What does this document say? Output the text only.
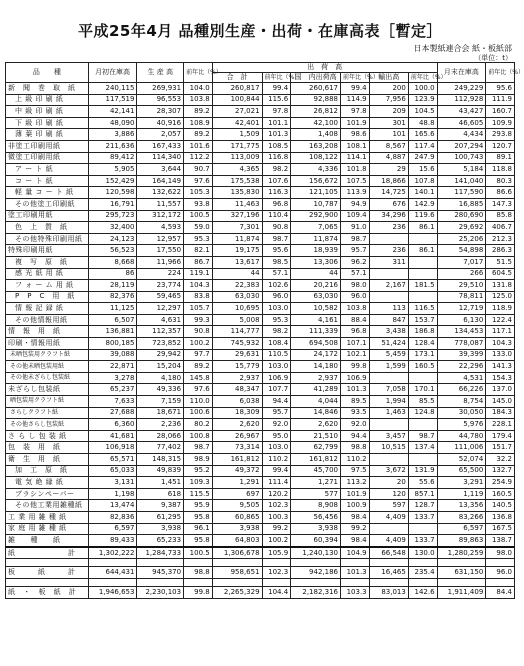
平成25年4月 品種別生産・出荷・在庫高表［暫定］
日本製紙連合会 紙・板紙部
（単位：t）
品　　種	月初在庫高	生 産 高	前年比（%）	出　荷　高						月末在庫高	前年比（%）
				合　計	前年比（%）	国　内出荷高	前年比（%）	輸出高	前年比（%）		
新　聞　巻　取　紙	240,115	269,931	104.0	260,817	99.4	260,617	99.4	200	100.0	249,229	95.6
上 級 印 刷 紙	117,519	96,553	103.8	100,844	115.6	92,888	114.9	7,956	123.9	112,928	111.9
中 級 印 刷 紙	42,141	28,307	89.2	27,021	97.8	26,812	97.8	209	104.5	43,427	160.7
下 級 印 刷 紙	48,090	40,916	108.9	42,401	101.1	42,100	101.9	301	48.8	46,605	109.9
薄 葉 印 刷 紙	3,886	2,057	89.2	1,509	101.3	1,408	98.6	101	165.6	4,434	293.8
非塗工印刷用紙	211,636	167,433	101.6	171,775	108.5	163,208	108.1	8,567	117.4	207,294	120.7
微塗工印刷用紙	89,412	114,340	112.2	113,009	116.8	108,122	114.1	4,887	247.9	100,743	89.1
ア ー ト 紙	5,905	3,644	90.7	4,365	98.2	4,336	101.8	29	15.6	5,184	118.8
コ ー ト 紙	152,429	164,149	97.6	175,538	107.6	156,672	107.5	18,866	107.8	141,040	80.3
軽 量 コ ー ト 紙	120,598	132,622	105.3	135,830	116.3	121,105	113.9	14,725	140.1	117,590	86.6
その他塗工印刷紙	16,791	11,557	93.8	11,463	96.8	10,787	94.9	676	142.9	16,885	147.3
塗工印刷用紙	295,723	312,172	100.5	327,196	110.4	292,900	109.4	34,296	119.6	280,690	85.8
色　上　質　紙	32,400	4,593	59.0	7,301	90.8	7,065	91.0	236	86.1	29,692	406.7
その他特殊印刷用紙	24,123	12,957	95.3	11,874	98.7	11,874	98.7			25,206	212.3
特殊印刷用紙	56,523	17,550	82.1	19,175	95.6	18,939	95.7	236	86.1	54,898	286.3
複　写　原　紙	8,668	11,966	86.7	13,617	98.5	13,306	96.2	311		7,017	51.5
感 光 紙 用 紙	86	224	119.1	44	57.1	44	57.1			266	604.5
フ ォ ー ム 用 紙	28,119	23,774	104.3	22,383	102.6	20,216	98.0	2,167	181.5	29,510	131.8
P　P　C　用　紙	82,376	59,465	83.8	63,030	96.0	63,030	96.0			78,811	125.0
情 報 記 録 紙	11,125	12,297	105.7	10,695	103.0	10,582	103.8	113	116.5	12,719	118.9
その他情報用紙	6,507	4,631	99.3	5,008	95.3	4,161	88.4	847	153.7	6,130	122.4
情　報　用　紙	136,881	112,357	90.8	114,777	98.2	111,339	96.8	3,438	186.8	134,453	117.1
印刷・情報用紙	800,185	723,852	100.2	745,932	108.4	694,508	107.1	51,424	128.4	778,087	104.3
未晒包装用クラフト紙	39,088	29,942	97.7	29,631	110.5	24,172	102.1	5,459	173.1	39,399	133.0
その他未晒包装用紙	22,871	15,204	89.2	15,779	103.0	14,180	99.8	1,599	160.5	22,296	141.3
その他未ざらし包装紙	3,278	4,180	145.8	2,937	106.9	2,937	106.9			4,531	154.3
未ざらし包装紙	65,237	49,336	97.6	48,347	107.7	41,289	101.3	7,058	170.1	66,226	137.0
晒包装用クラフト紙	7,633	7,159	110.0	6,038	94.4	4,044	89.5	1,994	85.5	8,754	145.0
さらしクラフト紙	27,688	18,671	100.6	18,309	95.7	14,846	93.5	1,463	124.8	30,050	184.3
その他さらし包装紙	6,360	2,236	80.2	2,620	92.0	2,620	92.0			5,976	228.1
さ ら し 包 装 紙	41,681	28,066	100.8	26,967	95.0	21,510	94.4	3,457	98.7	44,780	179.4
包　装　用　紙	106,918	77,402	98.7	73,314	103.0	62,799	98.8	10,515	137.4	111,006	151.7
衛　生　用　紙	65,571	148,315	98.9	161,812	110.2	161,812	110.2			52,074	32.2
加　工　原　紙	65,033	49,839	95.2	49,372	99.4	45,700	97.5	3,672	131.9	65,500	132.7
電 気 絶 縁 紙	3,131	1,451	109.3	1,291	111.4	1,271	113.2	20	55.6	3,291	254.9
ブラシンペーパー	1,198	618	115.5	697	120.2	577	101.9	120	857.1	1,119	160.5
その他工業用雑種紙	13,474	9,387	95.9	9,505	102.3	8,908	100.9	597	128.7	13,356	140.5
工 業 用 雑 種 紙	82,836	61,295	95.8	60,865	100.3	56,456	98.4	4,409	133.7	83,266	136.8
家 庭 用 雑 種 紙	6,597	3,938	96.1	3,938	99.2	3,938	99.2			6,597	167.5
雑　　種　　紙	89,433	65,233	95.8	64,803	100.2	60,394	98.4	4,409	133.7	89,863	138.7
紙　　　　　計	1,302,222	1,284,733	100.5	1,306,678	105.9	1,240,130	104.9	66,548	130.0	1,280,259	98.0

板　　紙　　計	644,431	945,370	98.8	958,651	102.3	942,186	101.3	16,465	235.4	631,150	96.0

紙 ・ 板 紙 計	1,946,653	2,230,103	99.8	2,265,329	104.4	2,182,316	103.3	83,013	142.6	1,911,409	84.4
